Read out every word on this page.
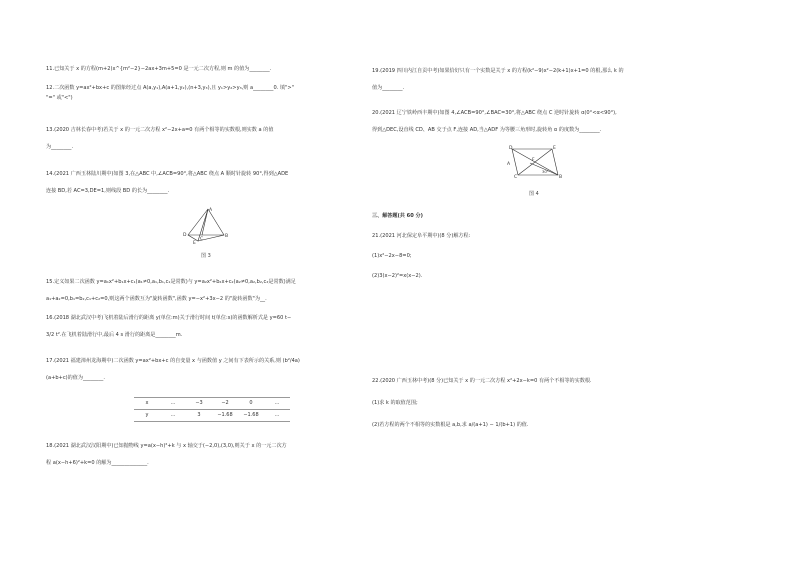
11.已知关于 x 的方程(m+2)x^{m²−2}−2ax+3m+5=0 是一元二次方程,则 m 的值为________.
12.二次函数 y=ax²+bx+c 的图象经过点 A(a,y₁),A(a+1,y₂),(n+3,y₃),且 y₁>y₂>y₃,则 a________0. 填">"
"=" 或"<")
13.(2020 吉林长春中考)若关于 x 的一元二次方程 x²−2x+a=0 有两个相等的实数根,则实数 a 的值
为________.
14.(2021 广西玉林陆川期中)如图 3,在△ABC 中,∠ACB=90°,将△ABC 绕点 A 顺时针旋转 90°,得到△ADE
连接 BD,若 AC=3,DE=1,则线段 BD 的长为________.
A
B
C
D
E
图 3
15.定义如果二次函数 y=a₁x²+b₁x+c₁(a₁≠0,a₁,b₁,c₁是常数)与 y=a₂x²+b₂x+c₂(a₂≠0,a₂,b₂,c₂是常数)满足
a₁+a₂=0,b₁=b₂,c₁+c₂=0,则这两个函数互为"旋转函数",函数 y=−x²+3x−2 的"旋转函数"为__.
16.(2018 湖北武汉中考)飞机着陆后滑行的距离 y(单位:m)关于滑行时间 t(单位:s)的函数解析式是 y=60 t−
3/2 t².在飞机着陆滑行中,最后 4 s 滑行的距离是________m.
17.(2021 福建漳州龙海期中)二次函数 y=ax²+bx+c 的自变量 x 与函数值 y 之间有下表所示的关系,则 (b²/4a)
(a+b+c)的值为________.
x	…	−3	−2	0	…
y	…	3	−1.68	−1.68	…
18.(2021 湖北武汉汉阳期中)已知抛物线 y=a(x−h)²+k 与 x 轴交于(−2,0),(3,0),则关于 x 的一元二次方
程 a(x−h+6)²+k=0 的解为______________.
19.(2019 四川内江自贡中考)如果恰好只有一个实数是关于 x 的方程(k²−9)x²−2(k+1)x+1=0 的根,那么 k 的
值为________.
20.(2021 辽宁铁岭西丰期中)如图 4,∠ACB=90°,∠BAC=30°,将△ABC 绕点 C 逆时针旋转 α(0°<α<90°),
得到△DEC,设直线 CD、AB 交于点 F,连接 AD,当△ADF 为等腰三角形时,旋转角 α 的度数为________.
D	E
A
B
F
C
30°
图 4
三、解答题(共 60 分)
21.(2021 河北保定阜平期中)(8 分)解方程:
(1)x²−2x−8=0;
(2)3(x−2)²=x(x−2).
22.(2020 广西玉林中考)(8 分)已知关于 x 的一元二次方程 x²+2x−k=0 有两个不相等的实数根.
(1)求 k 的取值范围;
(2)若方程的两个不相等的实数根是 a,b,求 a/(a+1) − 1/(b+1) 的值.
